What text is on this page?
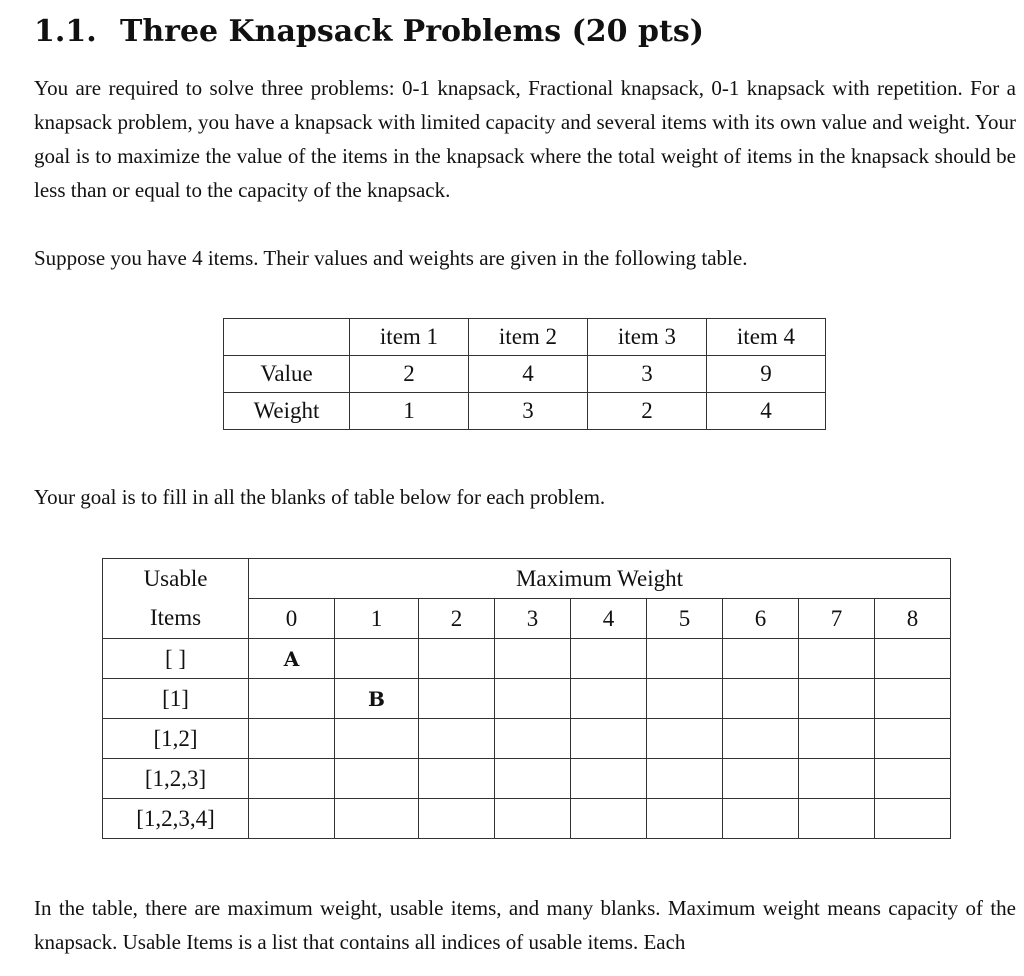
1.1. Three Knapsack Problems (20 pts)
You are required to solve three problems: 0-1 knapsack, Fractional knapsack, 0-1 knapsack with repetition. For a knapsack problem, you have a knapsack with limited capacity and several items with its own value and weight. Your goal is to maximize the value of the items in the knapsack where the total weight of items in the knapsack should be less than or equal to the capacity of the knapsack.
Suppose you have 4 items. Their values and weights are given in the following table.
	item 1	item 2	item 3	item 4
Value	2	4	3	9
Weight	1	3	2	4
Your goal is to fill in all the blanks of table below for each problem.
Usable	Maximum Weight								
Items	0	1	2	3	4	5	6	7	8
[ ]	A								
[1]		B							
[1,2]									
[1,2,3]									
[1,2,3,4]									
In the table, there are maximum weight, usable items, and many blanks. Maximum weight means capacity of the knapsack. Usable Items is a list that contains all indices of usable items. Each
